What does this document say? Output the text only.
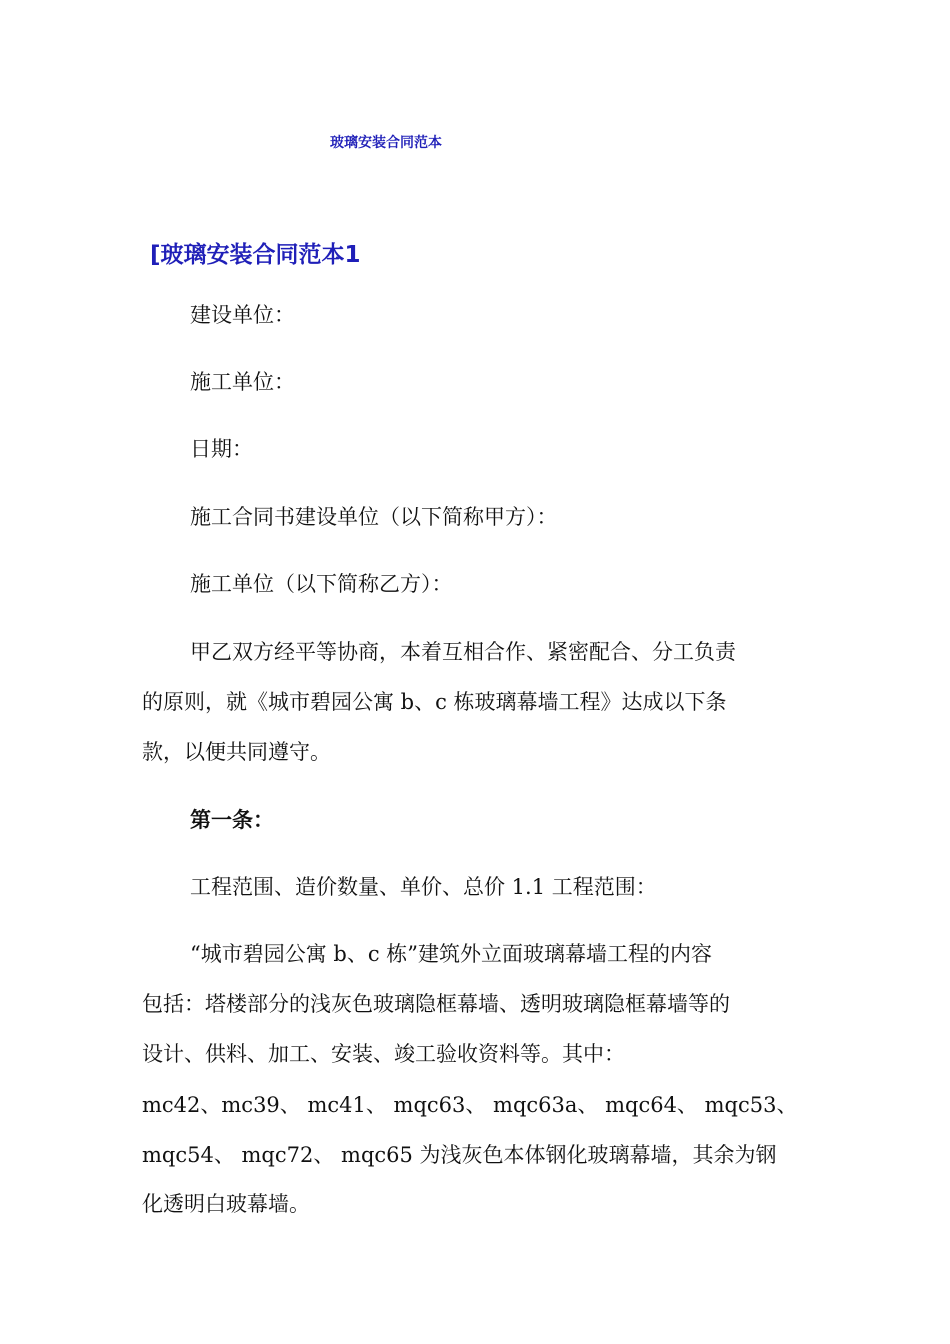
玻璃安装合同范本
[玻璃安装合同范本1
建设单位：
施工单位：
日期：
施工合同书建设单位（以下简称甲方）：
施工单位（以下简称乙方）：
甲乙双方经平等协商，本着互相合作、紧密配合、分工负责
的原则，就《城市碧园公寓 b、c 栋玻璃幕墙工程》达成以下条
款，以便共同遵守。
第一条：
工程范围、造价数量、单价、总价 1.1 工程范围：
“城市碧园公寓 b、c 栋”建筑外立面玻璃幕墙工程的内容
包括：塔楼部分的浅灰色玻璃隐框幕墙、透明玻璃隐框幕墙等的
设计、供料、加工、安装、竣工验收资料等。其中：
mc42、mc39、 mc41、 mqc63、 mqc63a、 mqc64、 mqc53、
mqc54、 mqc72、 mqc65 为浅灰色本体钢化玻璃幕墙，其余为钢
化透明白玻幕墙。
